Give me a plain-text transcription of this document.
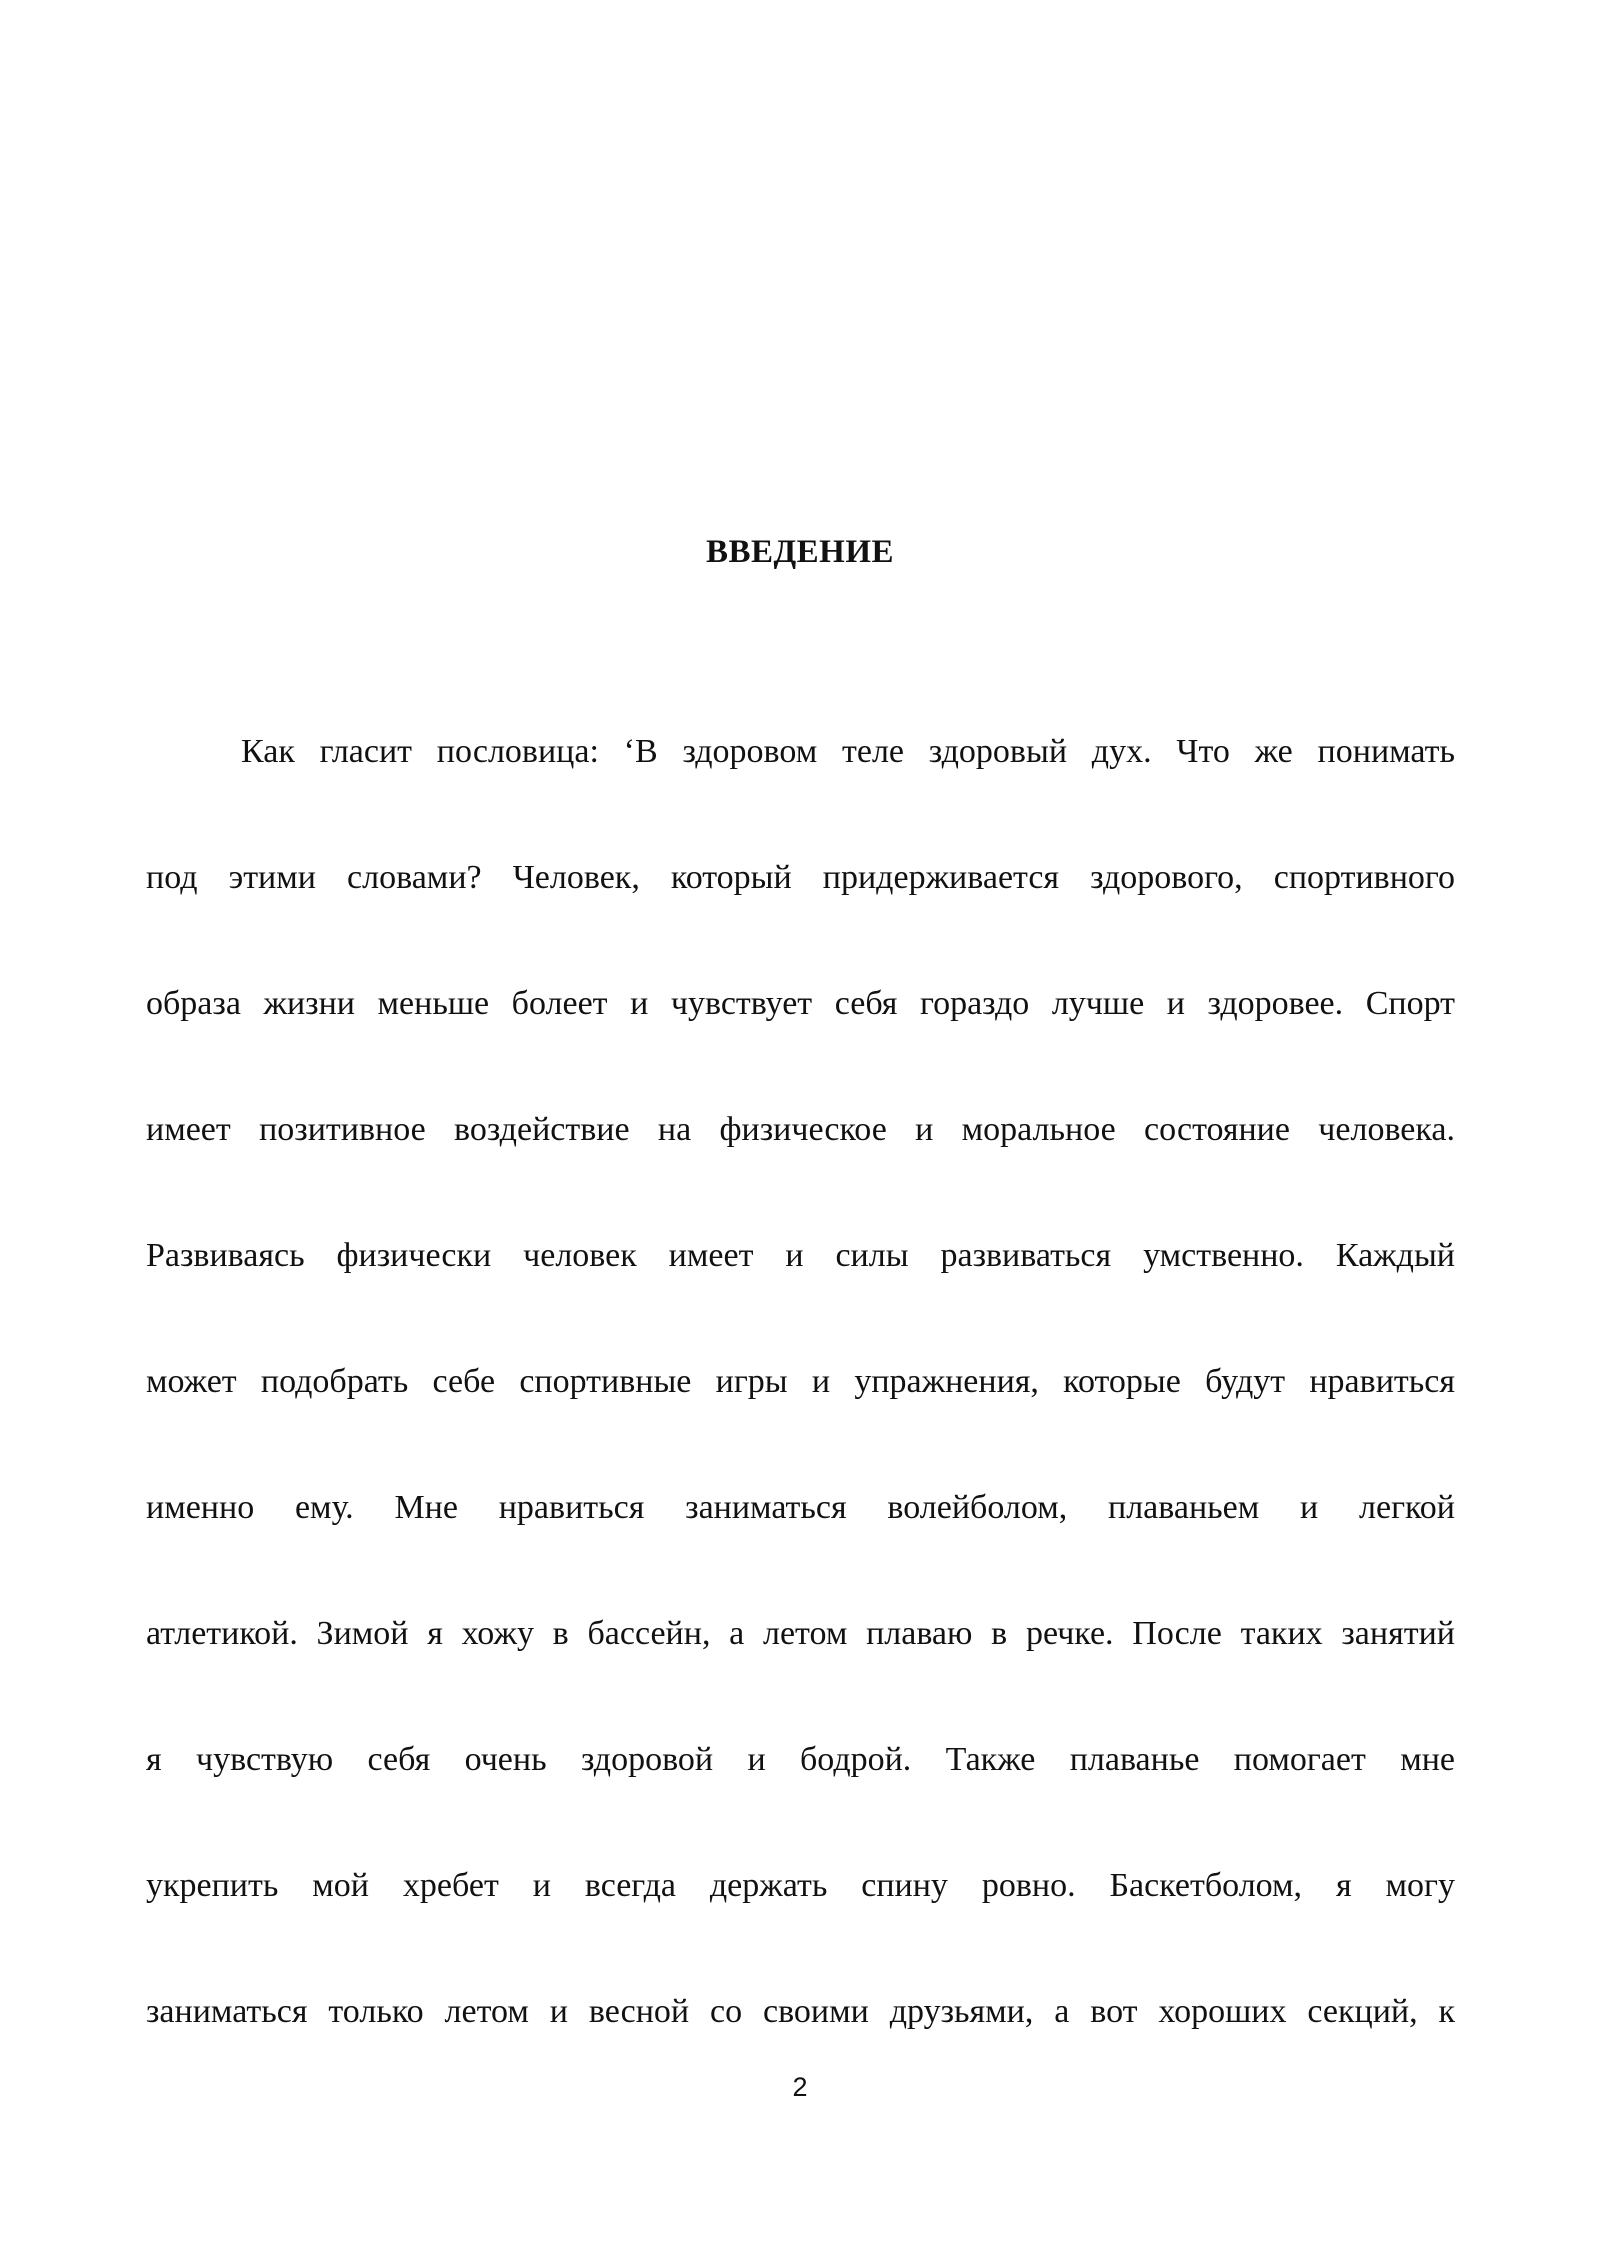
ВВЕДЕНИЕ
Как гласит пословица: ‘В здоровом теле здоровый дух. Что же понимать
под этими словами? Человек, который придерживается здорового, спортивного
образа жизни меньше болеет и чувствует себя гораздо лучше и здоровее. Спорт
имеет позитивное воздействие на физическое и моральное состояние человека.
Развиваясь физически человек имеет и силы развиваться умственно. Каждый
может подобрать себе спортивные игры и упражнения, которые будут нравиться
именно ему. Мне нравиться заниматься волейболом, плаваньем и легкой
атлетикой. Зимой я хожу в бассейн, а летом плаваю в речке. После таких занятий
я чувствую себя очень здоровой и бодрой. Также плаванье помогает мне
укрепить мой хребет и всегда держать спину ровно. Баскетболом, я могу
заниматься только летом и весной со своими друзьями, а вот хороших секций, к
2
